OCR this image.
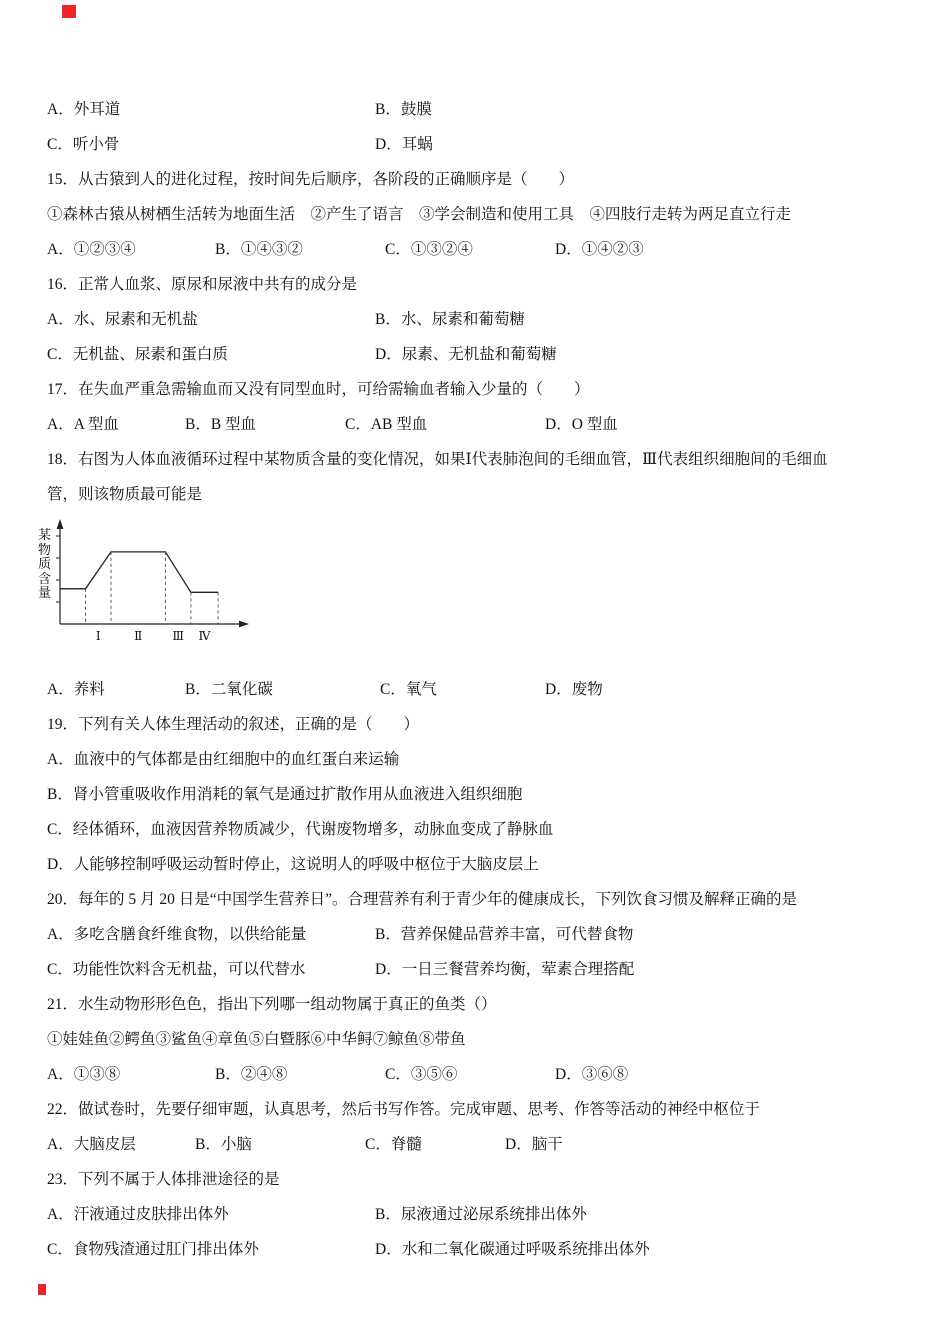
A．外耳道	B．鼓膜
C．听小骨	D．耳蜗
15．从古猿到人的进化过程，按时间先后顺序，各阶段的正确顺序是（　　）
①森林古猿从树栖生活转为地面生活　②产生了语言　③学会制造和使用工具　④四肢行走转为两足直立行走
A．①②③④	B．①④③②	C．①③②④	D．①④②③
16．正常人血浆、原尿和尿液中共有的成分是
A．水、尿素和无机盐	B．水、尿素和葡萄糖
C．无机盐、尿素和蛋白质	D．尿素、无机盐和葡萄糖
17．在失血严重急需输血而又没有同型血时，可给需输血者输入少量的（　　）
A．A 型血	B．B 型血	C．AB 型血	D．O 型血
18．右图为人体血液循环过程中某物质含量的变化情况，如果Ⅰ代表肺泡间的毛细血管，Ⅲ代表组织细胞间的毛细血
管，则该物质最可能是
某物质含量
Ⅰ	Ⅱ	Ⅲ Ⅳ
A．养料	B．二氧化碳	C．氧气	D．废物
19．下列有关人体生理活动的叙述，正确的是（　　）
A．血液中的气体都是由红细胞中的血红蛋白来运输
B．肾小管重吸收作用消耗的氧气是通过扩散作用从血液进入组织细胞
C．经体循环，血液因营养物质减少，代谢废物增多，动脉血变成了静脉血
D．人能够控制呼吸运动暂时停止，这说明人的呼吸中枢位于大脑皮层上
20．每年的 5 月 20 日是“中国学生营养日”。合理营养有利于青少年的健康成长，下列饮食习惯及解释正确的是
A．多吃含膳食纤维食物，以供给能量	B．营养保健品营养丰富，可代替食物
C．功能性饮料含无机盐，可以代替水	D．一日三餐营养均衡，荤素合理搭配
21．水生动物形形色色，指出下列哪一组动物属于真正的鱼类（）
①娃娃鱼②鳄鱼③鲨鱼④章鱼⑤白暨豚⑥中华鲟⑦鲸鱼⑧带鱼
A．①③⑧	B．②④⑧	C．③⑤⑥	D．③⑥⑧
22．做试卷时，先要仔细审题，认真思考，然后书写作答。完成审题、思考、作答等活动的神经中枢位于
A．大脑皮层	B．小脑	C．脊髓	D．脑干
23．下列不属于人体排泄途径的是
A．汗液通过皮肤排出体外	B．尿液通过泌尿系统排出体外
C．食物残渣通过肛门排出体外	D．水和二氧化碳通过呼吸系统排出体外
